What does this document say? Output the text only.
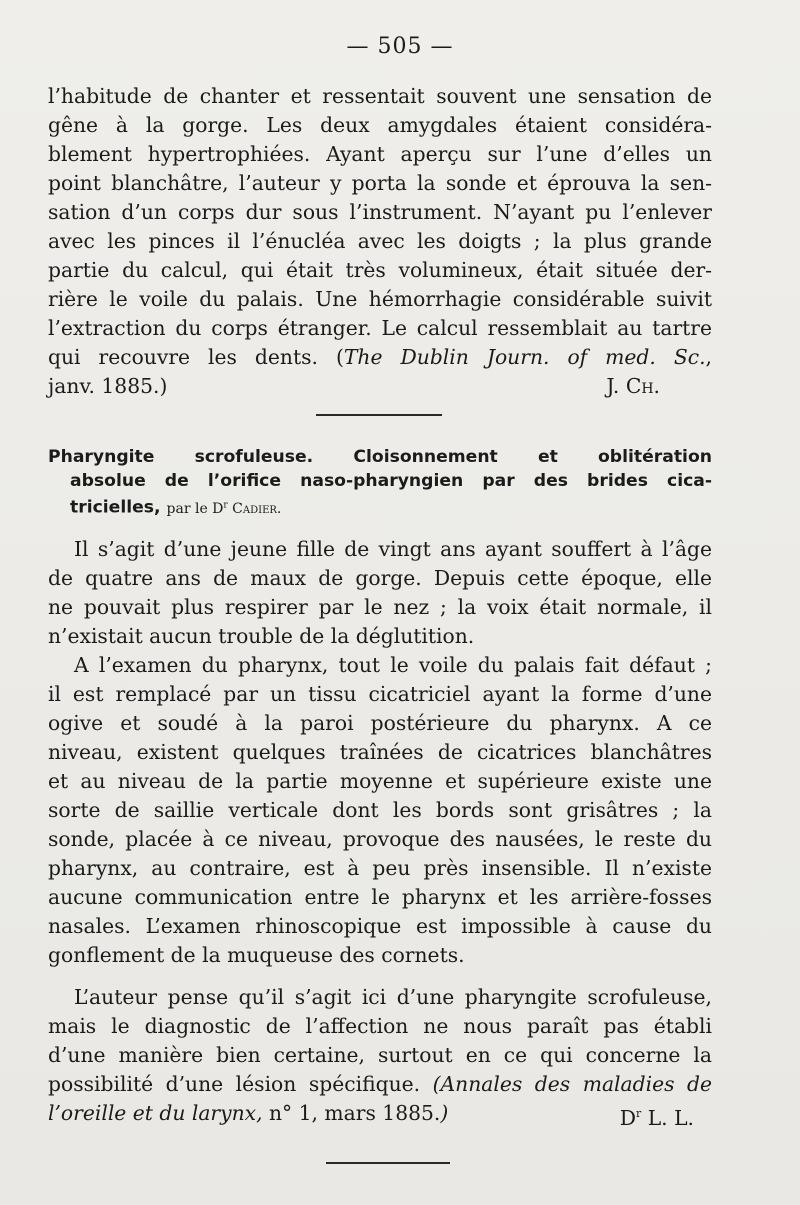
— 505 —
l’habitude de chanter et ressentait souvent une sensation de
gêne à la gorge. Les deux amygdales étaient considéra-
blement hypertrophiées. Ayant aperçu sur l’une d’elles un
point blanchâtre, l’auteur y porta la sonde et éprouva la sen-
sation d’un corps dur sous l’instrument. N’ayant pu l’enlever
avec les pinces il l’énucléa avec les doigts ; la plus grande
partie du calcul, qui était très volumineux, était située der-
rière le voile du palais. Une hémorrhagie considérable suivit
l’extraction du corps étranger. Le calcul ressemblait au tartre
qui recouvre les dents. (The Dublin Journ. of med. Sc.,
janv. 1885.)	J. Ch.
Pharyngite scrofuleuse. Cloisonnement et oblitération
absolue de l’orifice naso-pharyngien par des brides cica-
tricielles, par le $D^r$ Cadier.
Il s’agit d’une jeune fille de vingt ans ayant souffert à l’âge
de quatre ans de maux de gorge. Depuis cette époque, elle
ne pouvait plus respirer par le nez ; la voix était normale, il
n’existait aucun trouble de la déglutition.
A l’examen du pharynx, tout le voile du palais fait défaut ;
il est remplacé par un tissu cicatriciel ayant la forme d’une
ogive et soudé à la paroi postérieure du pharynx. A ce
niveau, existent quelques traînées de cicatrices blanchâtres
et au niveau de la partie moyenne et supérieure existe une
sorte de saillie verticale dont les bords sont grisâtres ; la
sonde, placée à ce niveau, provoque des nausées, le reste du
pharynx, au contraire, est à peu près insensible. Il n’existe
aucune communication entre le pharynx et les arrière-fosses
nasales. L’examen rhinoscopique est impossible à cause du
gonflement de la muqueuse des cornets.
L’auteur pense qu’il s’agit ici d’une pharyngite scrofuleuse,
mais le diagnostic de l’affection ne nous paraît pas établi
d’une manière bien certaine, surtout en ce qui concerne la
possibilité d’une lésion spécifique. (Annales des maladies de
l’oreille et du larynx, n° 1, mars 1885.)	$D^r$ L. L.
